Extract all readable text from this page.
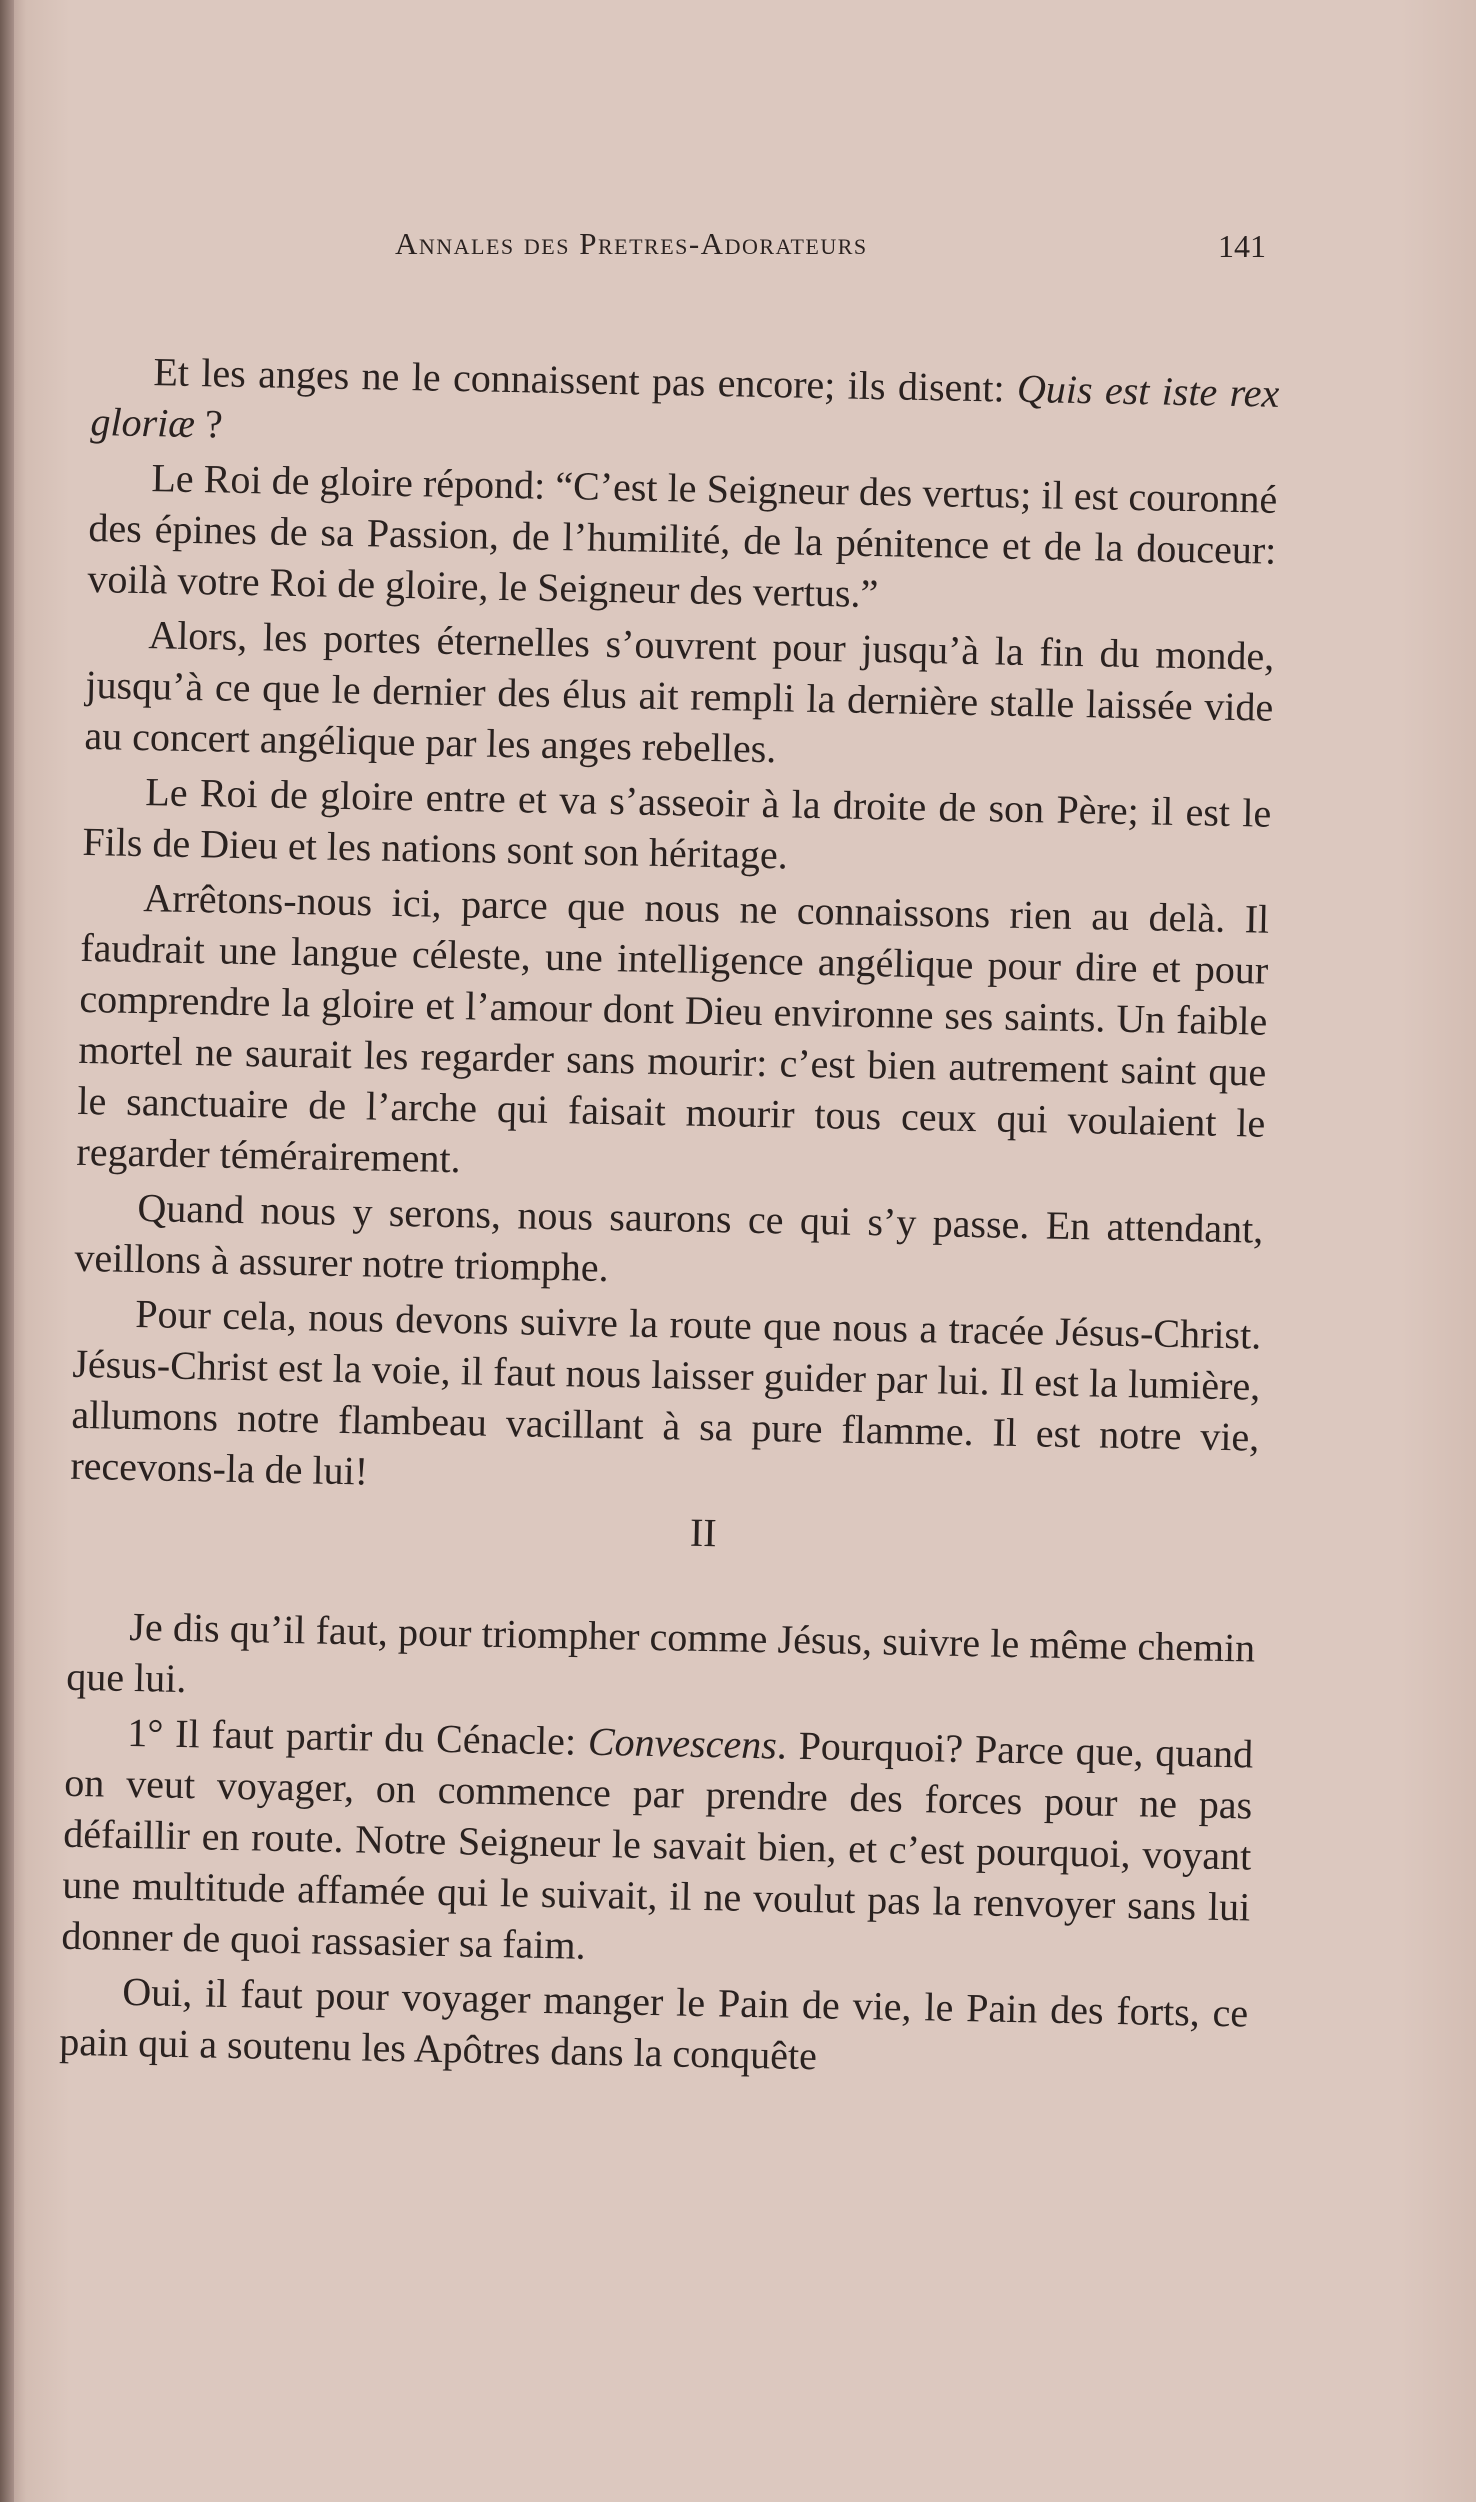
Annales des Pretres-Adorateurs	141

Et les anges ne le connaissent pas encore; ils disent: Quis est iste rex gloriæ ?

Le Roi de gloire répond: “C’est le Seigneur des vertus; il est couronné des épines de sa Passion, de l’humilité, de la pénitence et de la douceur: voilà votre Roi de gloire, le Seigneur des vertus.”

Alors, les portes éternelles s’ouvrent pour jusqu’à la fin du monde, jusqu’à ce que le dernier des élus ait rempli la dernière stalle laissée vide au concert angélique par les anges rebelles.

Le Roi de gloire entre et va s’asseoir à la droite de son Père; il est le Fils de Dieu et les nations sont son héritage.

Arrêtons-nous ici, parce que nous ne connaissons rien au delà. Il faudrait une langue céleste, une intelligence angélique pour dire et pour comprendre la gloire et l’amour dont Dieu environne ses saints. Un faible mortel ne saurait les regarder sans mourir: c’est bien autrement saint que le sanctuaire de l’arche qui faisait mourir tous ceux qui voulaient le regarder témérairement.

Quand nous y serons, nous saurons ce qui s’y passe. En attendant, veillons à assurer notre triomphe.

Pour cela, nous devons suivre la route que nous a tracée Jésus-Christ. Jésus-Christ est la voie, il faut nous laisser guider par lui. Il est la lumière, allumons notre flambeau vacillant à sa pure flamme. Il est notre vie, recevons-la de lui!

II

Je dis qu’il faut, pour triompher comme Jésus, suivre le même chemin que lui.

1° Il faut partir du Cénacle: Convescens. Pourquoi? Parce que, quand on veut voyager, on commence par prendre des forces pour ne pas défaillir en route. Notre Seigneur le savait bien, et c’est pourquoi, voyant une multitude affamée qui le suivait, il ne voulut pas la renvoyer sans lui donner de quoi rassasier sa faim.

Oui, il faut pour voyager manger le Pain de vie, le Pain des forts, ce pain qui a soutenu les Apôtres dans la conquête
